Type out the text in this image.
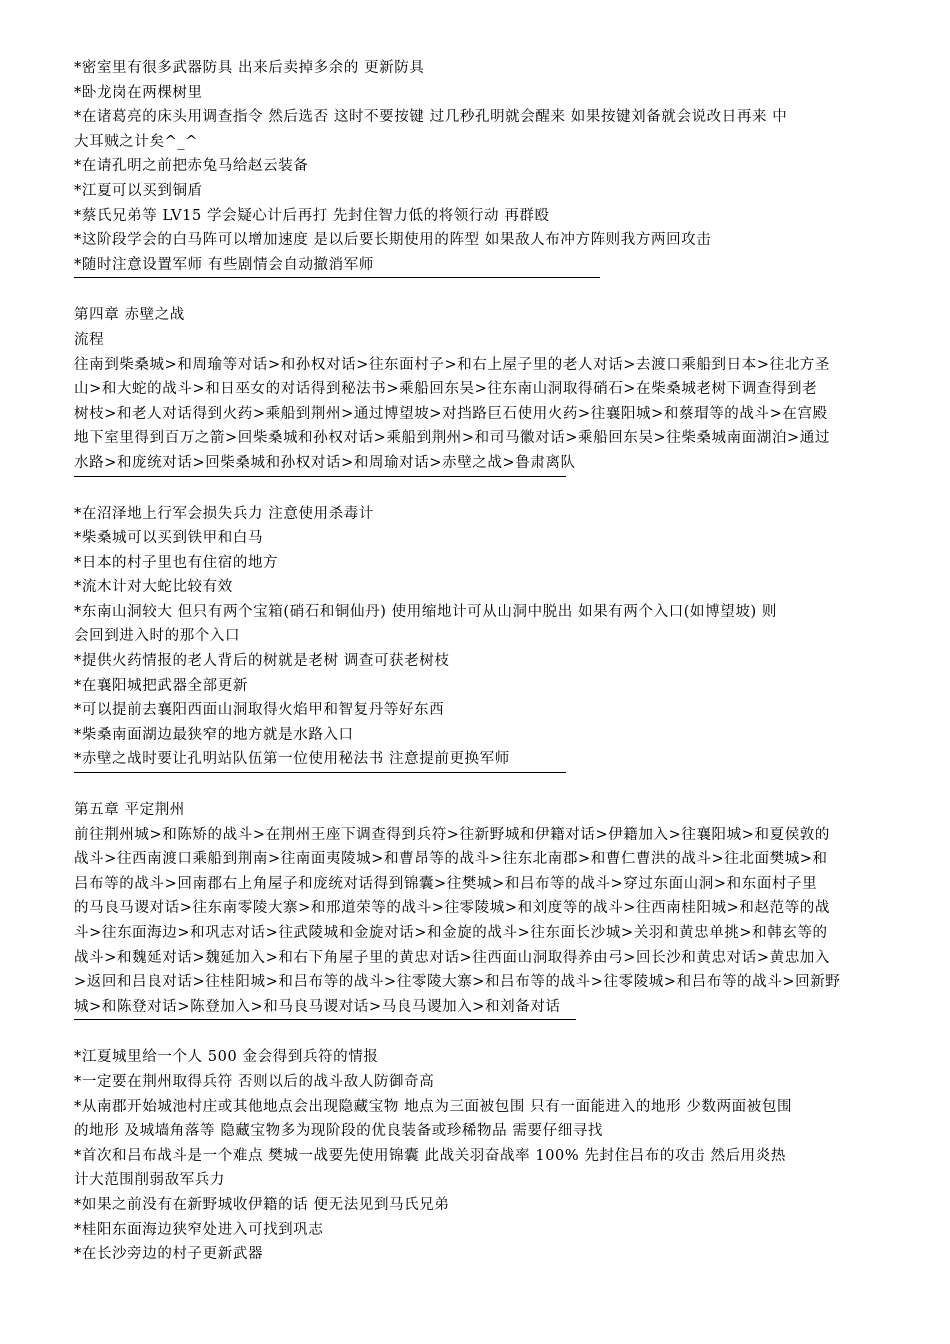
*密室里有很多武器防具 出来后卖掉多余的 更新防具
*卧龙岗在两棵树里
*在诸葛亮的床头用调查指令 然后选否 这时不要按键 过几秒孔明就会醒来 如果按键刘备就会说改日再来 中
大耳贼之计矣^_^
*在请孔明之前把赤兔马给赵云装备
*江夏可以买到铜盾
*蔡氏兄弟等 LV15 学会疑心计后再打 先封住智力低的将领行动 再群殴
*这阶段学会的白马阵可以增加速度 是以后要长期使用的阵型 如果敌人布冲方阵则我方两回攻击
*随时注意设置军师 有些剧情会自动撤消军师
第四章 赤壁之战
流程
往南到柴桑城>和周瑜等对话>和孙权对话>往东面村子>和右上屋子里的老人对话>去渡口乘船到日本>往北方圣
山>和大蛇的战斗>和日巫女的对话得到秘法书>乘船回东吴>往东南山洞取得硝石>在柴桑城老树下调查得到老
树枝>和老人对话得到火药>乘船到荆州>通过博望坡>对挡路巨石使用火药>往襄阳城>和蔡瑁等的战斗>在宫殿
地下室里得到百万之箭>回柴桑城和孙权对话>乘船到荆州>和司马徽对话>乘船回东吴>往柴桑城南面湖泊>通过
水路>和庞统对话>回柴桑城和孙权对话>和周瑜对话>赤壁之战>鲁肃离队
*在沼泽地上行军会损失兵力 注意使用杀毒计
*柴桑城可以买到铁甲和白马
*日本的村子里也有住宿的地方
*流木计对大蛇比较有效
*东南山洞较大 但只有两个宝箱(硝石和铜仙丹) 使用缩地计可从山洞中脱出 如果有两个入口(如博望坡) 则
会回到进入时的那个入口
*提供火药情报的老人背后的树就是老树 调查可获老树枝
*在襄阳城把武器全部更新
*可以提前去襄阳西面山洞取得火焰甲和智复丹等好东西
*柴桑南面湖边最狭窄的地方就是水路入口
*赤壁之战时要让孔明站队伍第一位使用秘法书 注意提前更换军师
第五章 平定荆州
前往荆州城>和陈矫的战斗>在荆州王座下调查得到兵符>往新野城和伊籍对话>伊籍加入>往襄阳城>和夏侯敦的
战斗>往西南渡口乘船到荆南>往南面夷陵城>和曹昂等的战斗>往东北南郡>和曹仁曹洪的战斗>往北面樊城>和
吕布等的战斗>回南郡右上角屋子和庞统对话得到锦囊>往樊城>和吕布等的战斗>穿过东面山洞>和东面村子里
的马良马谡对话>往东南零陵大寨>和邢道荣等的战斗>往零陵城>和刘度等的战斗>往西南桂阳城>和赵范等的战
斗>往东面海边>和巩志对话>往武陵城和金旋对话>和金旋的战斗>往东面长沙城>关羽和黄忠单挑>和韩玄等的
战斗>和魏延对话>魏延加入>和右下角屋子里的黄忠对话>往西面山洞取得养由弓>回长沙和黄忠对话>黄忠加入
>返回和吕良对话>往桂阳城>和吕布等的战斗>往零陵大寨>和吕布等的战斗>往零陵城>和吕布等的战斗>回新野
城>和陈登对话>陈登加入>和马良马谡对话>马良马谡加入>和刘备对话
*江夏城里给一个人 500 金会得到兵符的情报
*一定要在荆州取得兵符 否则以后的战斗敌人防御奇高
*从南郡开始城池村庄或其他地点会出现隐藏宝物 地点为三面被包围 只有一面能进入的地形 少数两面被包围
的地形 及城墙角落等 隐藏宝物多为现阶段的优良装备或珍稀物品 需要仔细寻找
*首次和吕布战斗是一个难点 樊城一战要先使用锦囊 此战关羽奋战率 100% 先封住吕布的攻击 然后用炎热
计大范围削弱敌军兵力
*如果之前没有在新野城收伊籍的话 便无法见到马氏兄弟
*桂阳东面海边狭窄处进入可找到巩志
*在长沙旁边的村子更新武器
